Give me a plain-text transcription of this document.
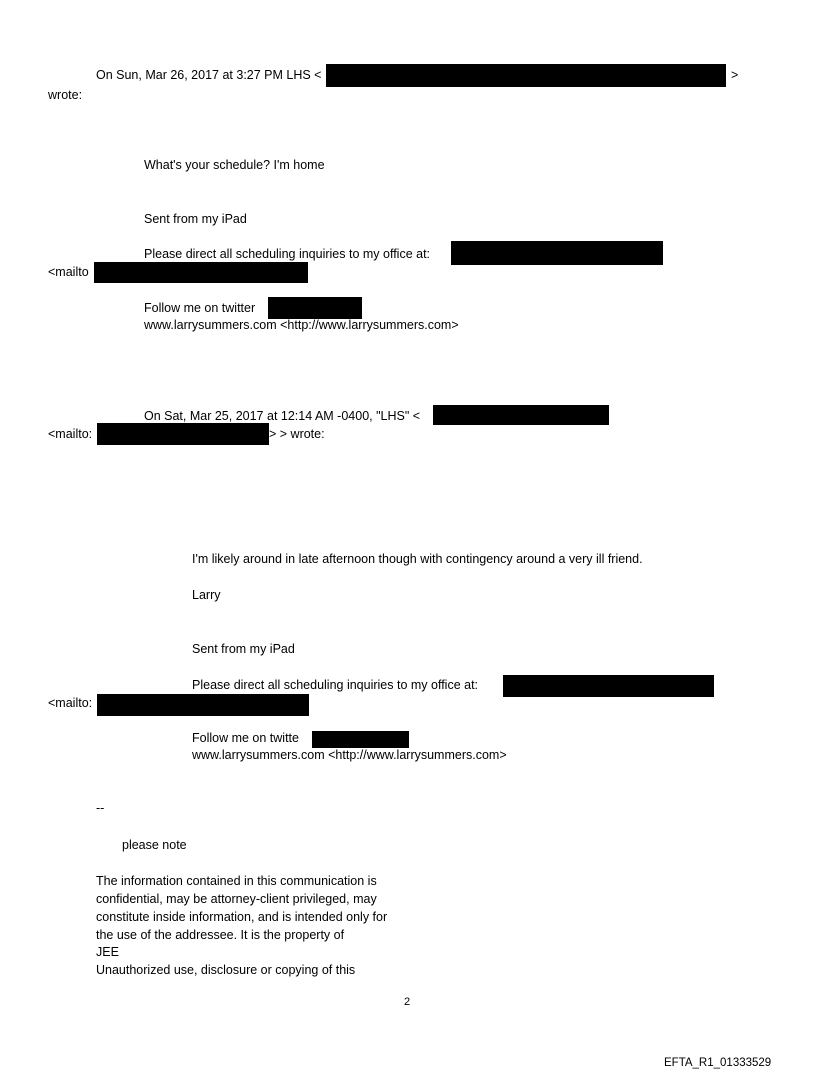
On Sun, Mar 26, 2017 at 3:27 PM LHS <	>
wrote:
What's your schedule? I'm home
Sent from my iPad
Please direct all scheduling inquiries to my office at:
<mailto
Follow me on twitter
www.larrysummers.com <http://www.larrysummers.com>
On Sat, Mar 25, 2017 at 12:14 AM -0400, "LHS" <
<mailto:	> > wrote:
I'm likely around in late afternoon though with contingency around a very ill friend.
Larry
Sent from my iPad
Please direct all scheduling inquiries to my office at:
<mailto:
Follow me on twitte
www.larrysummers.com <http://www.larrysummers.com>
--
please note
The information contained in this communication is
confidential, may be attorney-client privileged, may
constitute inside information, and is intended only for
the use of the addressee. It is the property of
JEE
Unauthorized use, disclosure or copying of this
2
EFTA_R1_01333529
